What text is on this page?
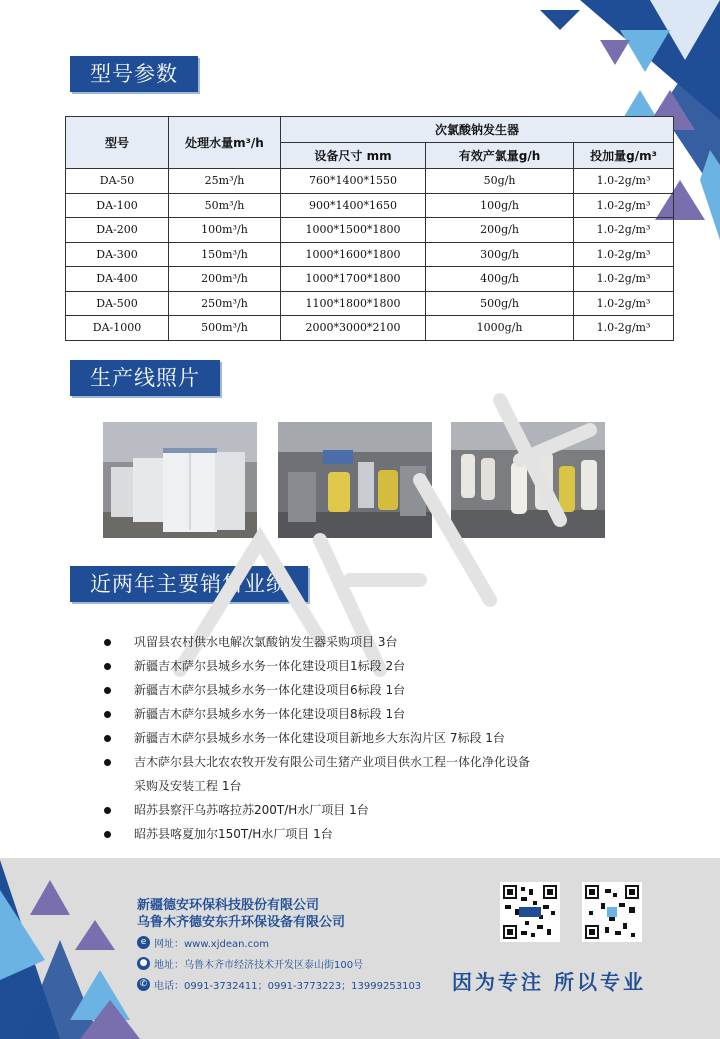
型号参数
型号	处理水量m³/h	次氯酸钠发生器		
		设备尺寸 mm	有效产氯量g/h	投加量g/m³
DA-50	25m³/h	760*1400*1550	50g/h	1.0-2g/m³
DA-100	50m³/h	900*1400*1650	100g/h	1.0-2g/m³
DA-200	100m³/h	1000*1500*1800	200g/h	1.0-2g/m³
DA-300	150m³/h	1000*1600*1800	300g/h	1.0-2g/m³
DA-400	200m³/h	1000*1700*1800	400g/h	1.0-2g/m³
DA-500	250m³/h	1100*1800*1800	500g/h	1.0-2g/m³
DA-1000	500m³/h	2000*3000*2100	1000g/h	1.0-2g/m³
生产线照片
近两年主要销售业绩
巩留县农村供水电解次氯酸钠发生器采购项目 3台
新疆吉木萨尔县城乡水务一体化建设项目1标段 2台
新疆吉木萨尔县城乡水务一体化建设项目6标段 1台
新疆吉木萨尔县城乡水务一体化建设项目8标段 1台
新疆吉木萨尔县城乡水务一体化建设项目新地乡大东沟片区 7标段 1台
吉木萨尔县大北农农牧开发有限公司生猪产业项目供水工程一体化净化设备
采购及安装工程 1台
昭苏县察汗乌苏喀拉苏200T/H水厂项目 1台
昭苏县喀夏加尔150T/H水厂项目 1台
新疆德安环保科技股份有限公司
乌鲁木齐德安东升环保设备有限公司
e 网址：www.xjdean.com
● 地址：乌鲁木齐市经济技术开发区泰山街100号
✆ 电话：0991-3732411；0991-3773223；13999253103 因为专注 所以专业
